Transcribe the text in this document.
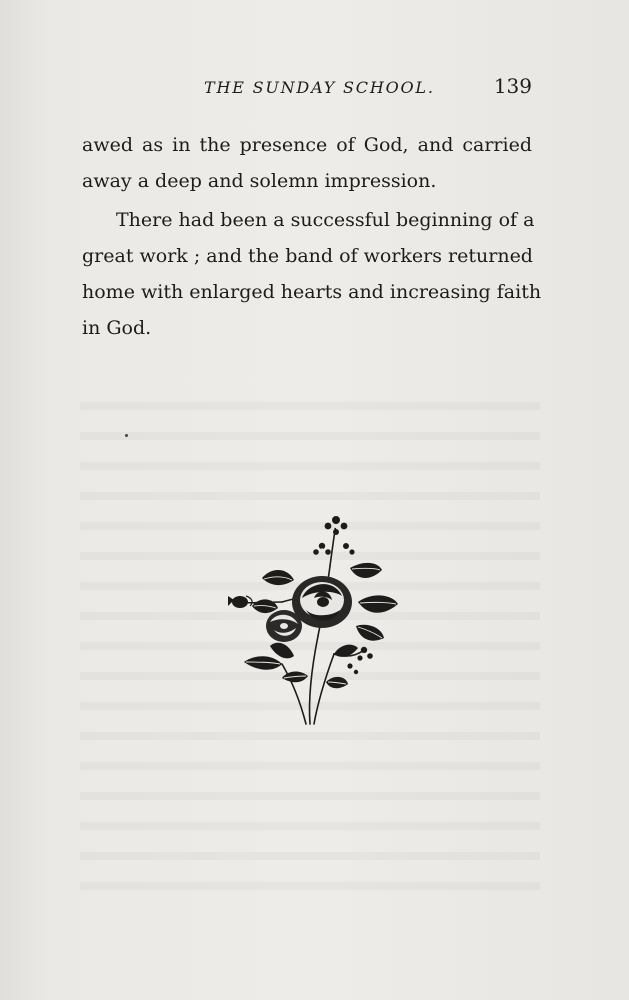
THE SUNDAY SCHOOL.	139
awed as in the presence of God, and carried
away a deep and solemn impression.
There had been a successful beginning of a
great work ; and the band of workers returned
home with enlarged hearts and increasing faith
in God.
